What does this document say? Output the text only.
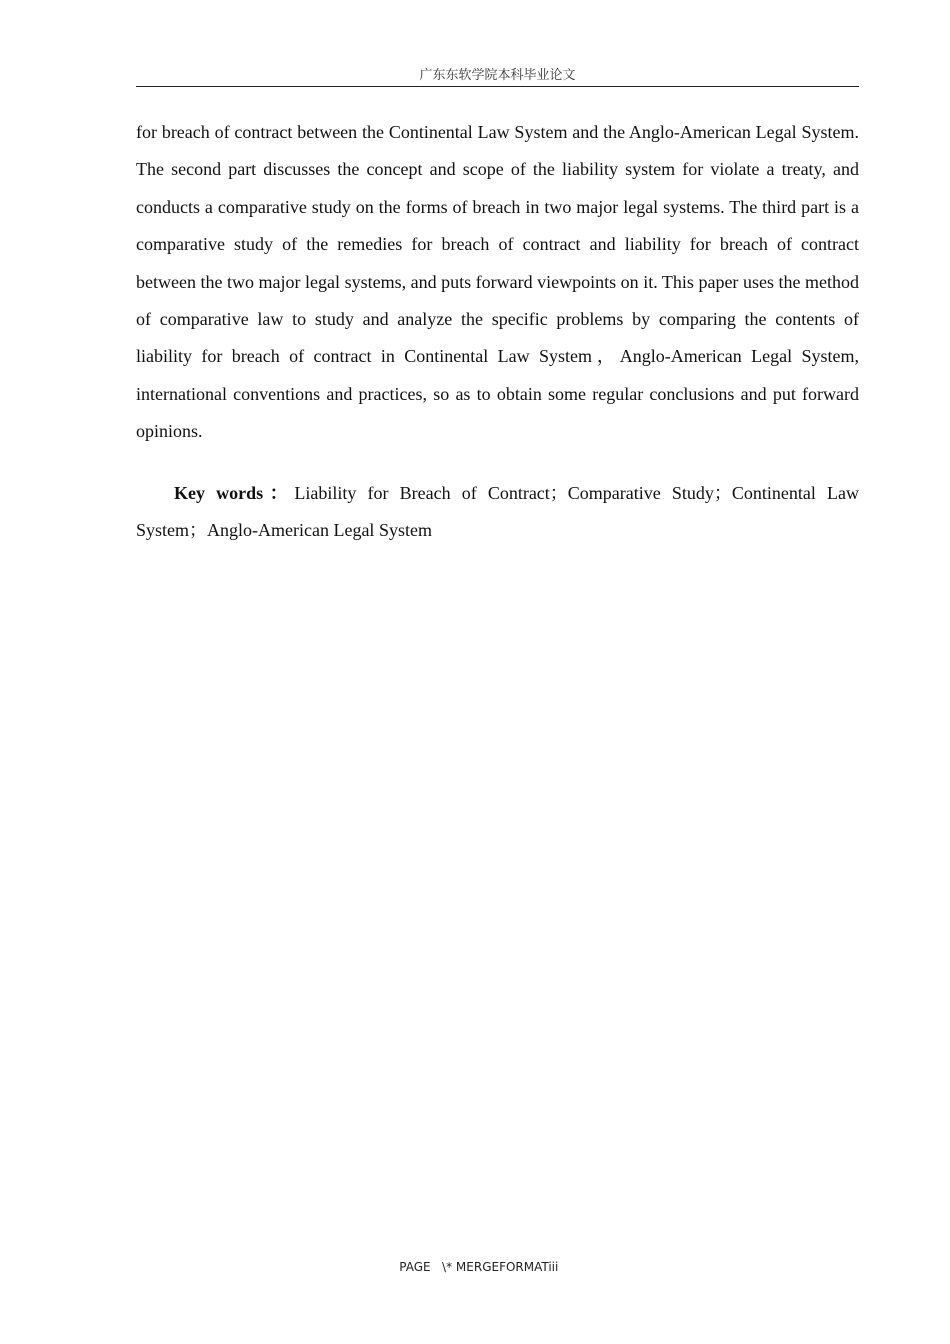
广东东软学院本科毕业论文

for breach of contract between the Continental Law System and the Anglo-American Legal System. The second part discusses the concept and scope of the liability system for violate a treaty, and conducts a comparative study on the forms of breach in two major legal systems. The third part is a comparative study of the remedies for breach of contract and liability for breach of contract between the two major legal systems, and puts forward viewpoints on it. This paper uses the method of comparative law to study and analyze the specific problems by comparing the contents of liability for breach of contract in Continental Law System，Anglo-American Legal System, international conventions and practices, so as to obtain some regular conclusions and put forward opinions.

Key words：Liability for Breach of Contract；Comparative Study；Continental Law System；Anglo-American Legal System

PAGE   \* MERGEFORMATiii
